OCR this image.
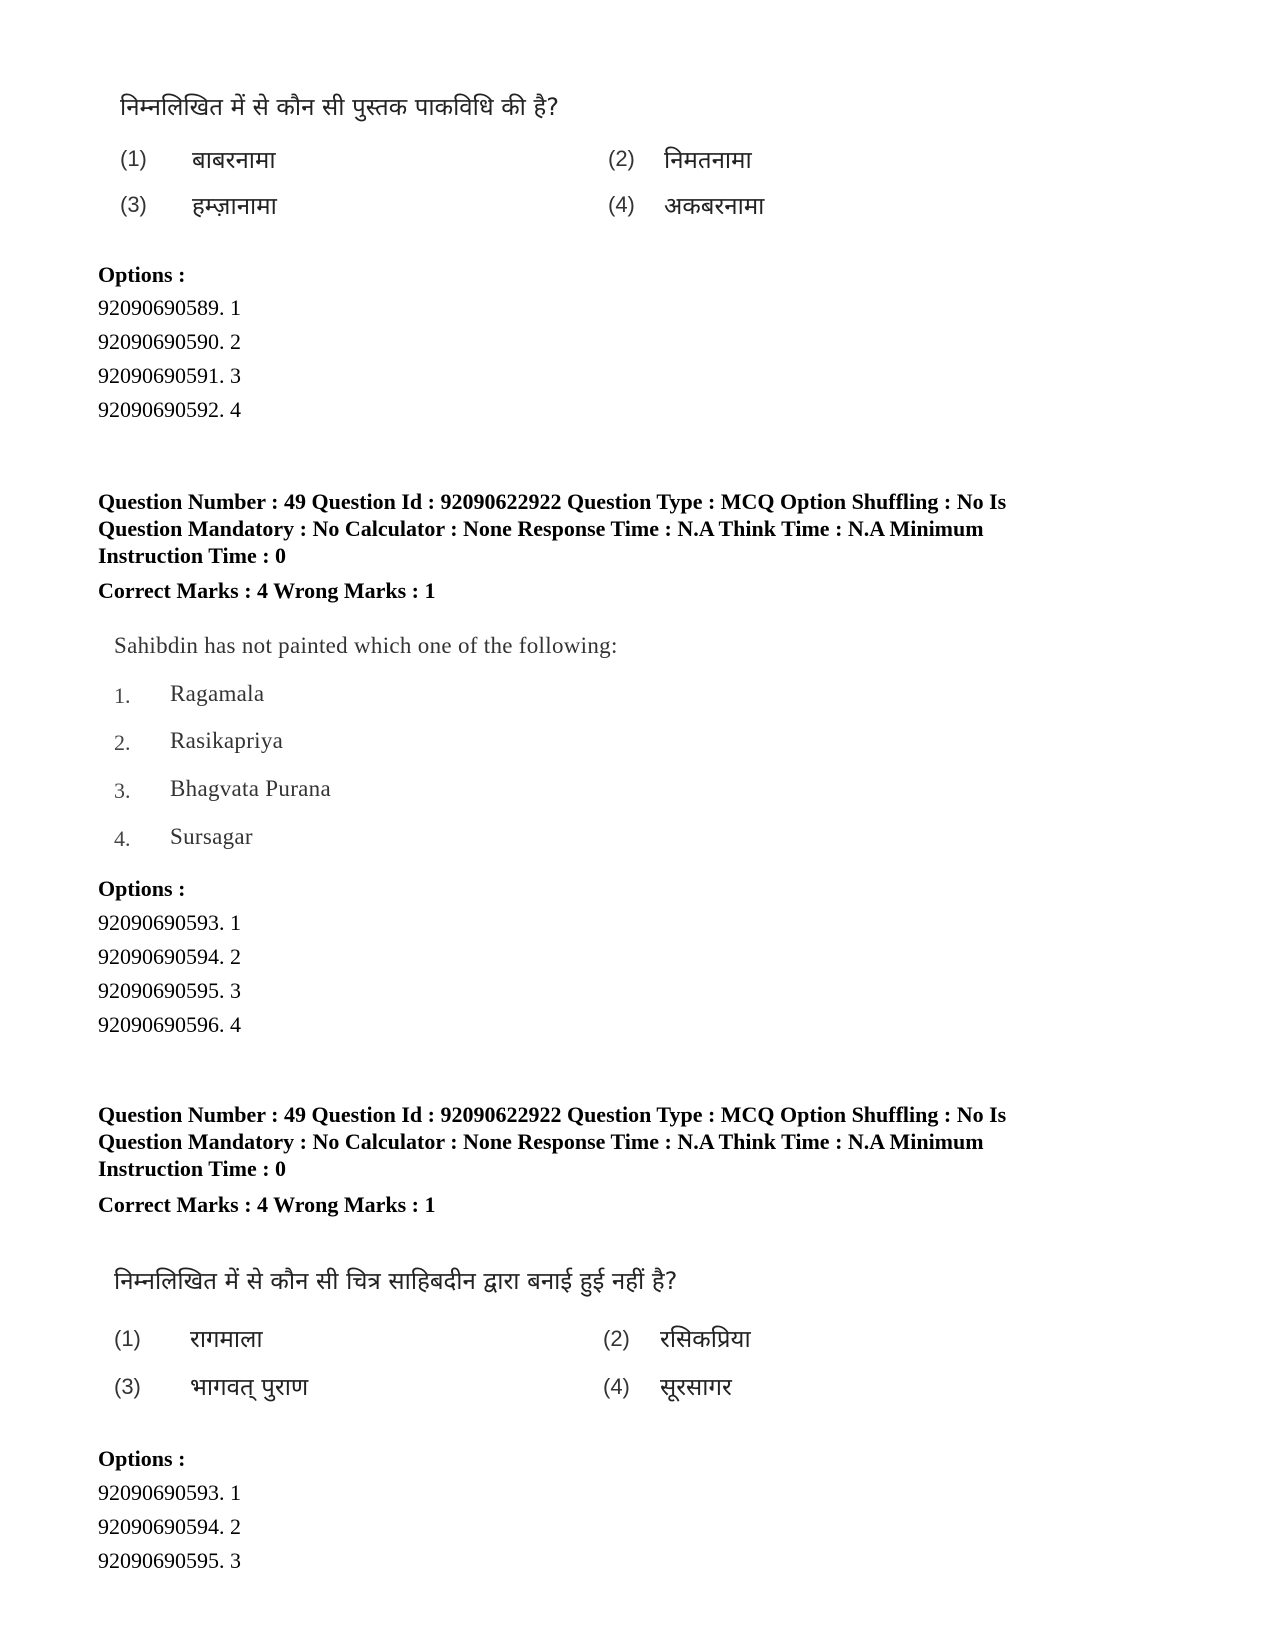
निम्नलिखित में से कौन सी पुस्तक पाकविधि की है?
(1) बाबरनामा	(2) निमतनामा
(3) हम्ज़ानामा	(4) अकबरनामा
Options :
92090690589. 1
92090690590. 2
92090690591. 3
92090690592. 4
Question Number : 49 Question Id : 92090622922 Question Type : MCQ Option Shuffling : No Is
Question Mandatory : No Calculator : None Response Time : N.A Think Time : N.A Minimum
Instruction Time : 0
Correct Marks : 4 Wrong Marks : 1
Sahibdin has not painted which one of the following:
1. Ragamala
2. Rasikapriya
3. Bhagvata Purana
4. Sursagar
Options :
92090690593. 1
92090690594. 2
92090690595. 3
92090690596. 4
Question Number : 49 Question Id : 92090622922 Question Type : MCQ Option Shuffling : No Is
Question Mandatory : No Calculator : None Response Time : N.A Think Time : N.A Minimum
Instruction Time : 0
Correct Marks : 4 Wrong Marks : 1
निम्नलिखित में से कौन सी चित्र साहिबदीन द्वारा बनाई हुई नहीं है?
(1) रागमाला	(2) रसिकप्रिया
(3) भागवत् पुराण	(4) सूरसागर
Options :
92090690593. 1
92090690594. 2
92090690595. 3
